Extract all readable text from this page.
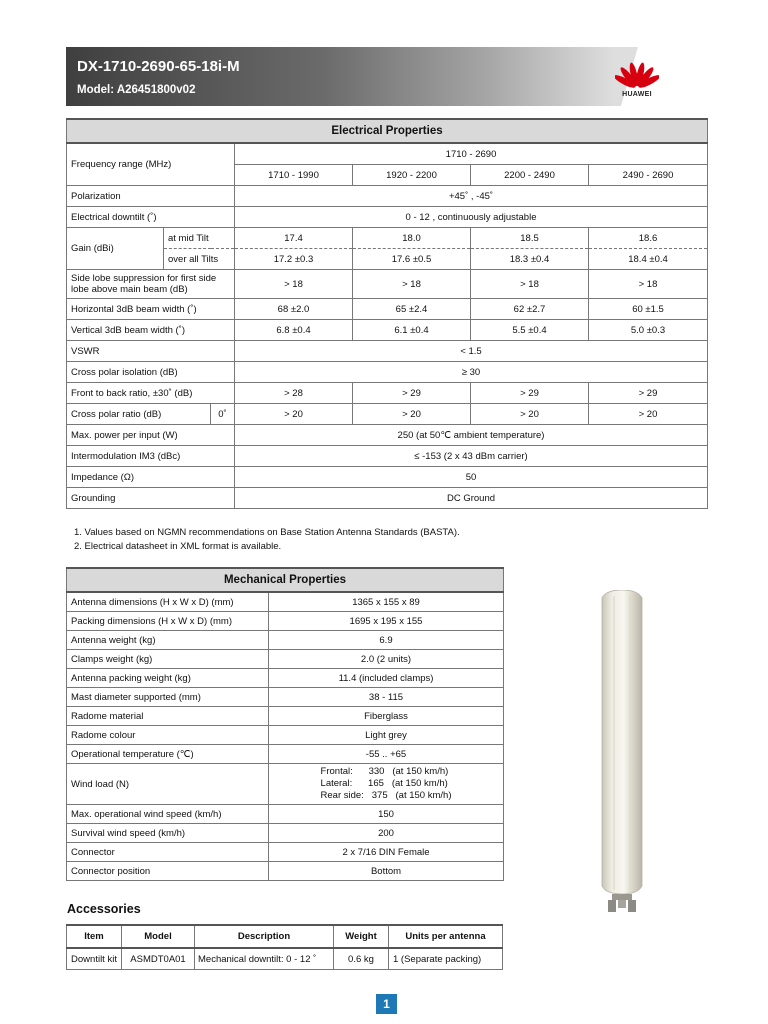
DX-1710-2690-65-18i-M
Model: A26451800v02	HUAWEI
Electrical Properties						
Frequency range (MHz)			1710 - 2690			
			1710 - 1990	1920 - 2200	2200 - 2490	2490 - 2690
Polarization			+45˚ , -45˚			
Electrical downtilt (˚)			0 - 12 , continuously adjustable			
Gain (dBi)	at mid Tilt		17.4	18.0	18.5	18.6
	over all Tilts		17.2 ±0.3	17.6 ±0.5	18.3 ±0.4	18.4 ±0.4
Side lobe suppression for first side lobe above main beam (dB)			> 18	> 18	> 18	> 18
Horizontal 3dB beam width (˚)			68 ±2.0	65 ±2.4	62 ±2.7	60 ±1.5
Vertical 3dB beam width (˚)			6.8 ±0.4	6.1 ±0.4	5.5 ±0.4	5.0 ±0.3
VSWR			< 1.5			
Cross polar isolation (dB)			≥ 30			
Front to back ratio, ±30˚ (dB)			> 28	> 29	> 29	> 29
Cross polar ratio (dB)		0˚	> 20	> 20	> 20	> 20
Max. power per input (W)			250 (at 50℃ ambient temperature)			
Intermodulation IM3 (dBc)			≤ -153 (2 x 43 dBm carrier)			
Impedance (Ω)			50			
Grounding			DC Ground			
1. Values based on NGMN recommendations on Base Station Antenna Standards (BASTA).
2. Electrical datasheet in XML format is available.
Mechanical Properties	
Antenna dimensions (H x W x D) (mm)	1365 x 155 x 89
Packing dimensions (H x W x D) (mm)	1695 x 195 x 155
Antenna weight (kg)	6.9
Clamps weight (kg)	2.0 (2 units)
Antenna packing weight (kg)	11.4 (included clamps)
Mast diameter supported (mm)	38 - 115
Radome material	Fiberglass
Radome colour	Light grey
Operational temperature (℃)	-55 .. +65
Wind load (N)	Frontal:      330   (at 150 km/h)
Lateral:      165   (at 150 km/h)
Rear side:   375   (at 150 km/h)

Max. operational wind speed (km/h)	150
Survival wind speed (km/h)	200
Connector	2 x 7/16 DIN Female
Connector position	Bottom
Accessories
Item	Model	Description	Weight	Units per antenna
Downtilt kit	ASMDT0A01	Mechanical downtilt: 0 - 12 ˚	0.6 kg	1 (Separate packing)
1
